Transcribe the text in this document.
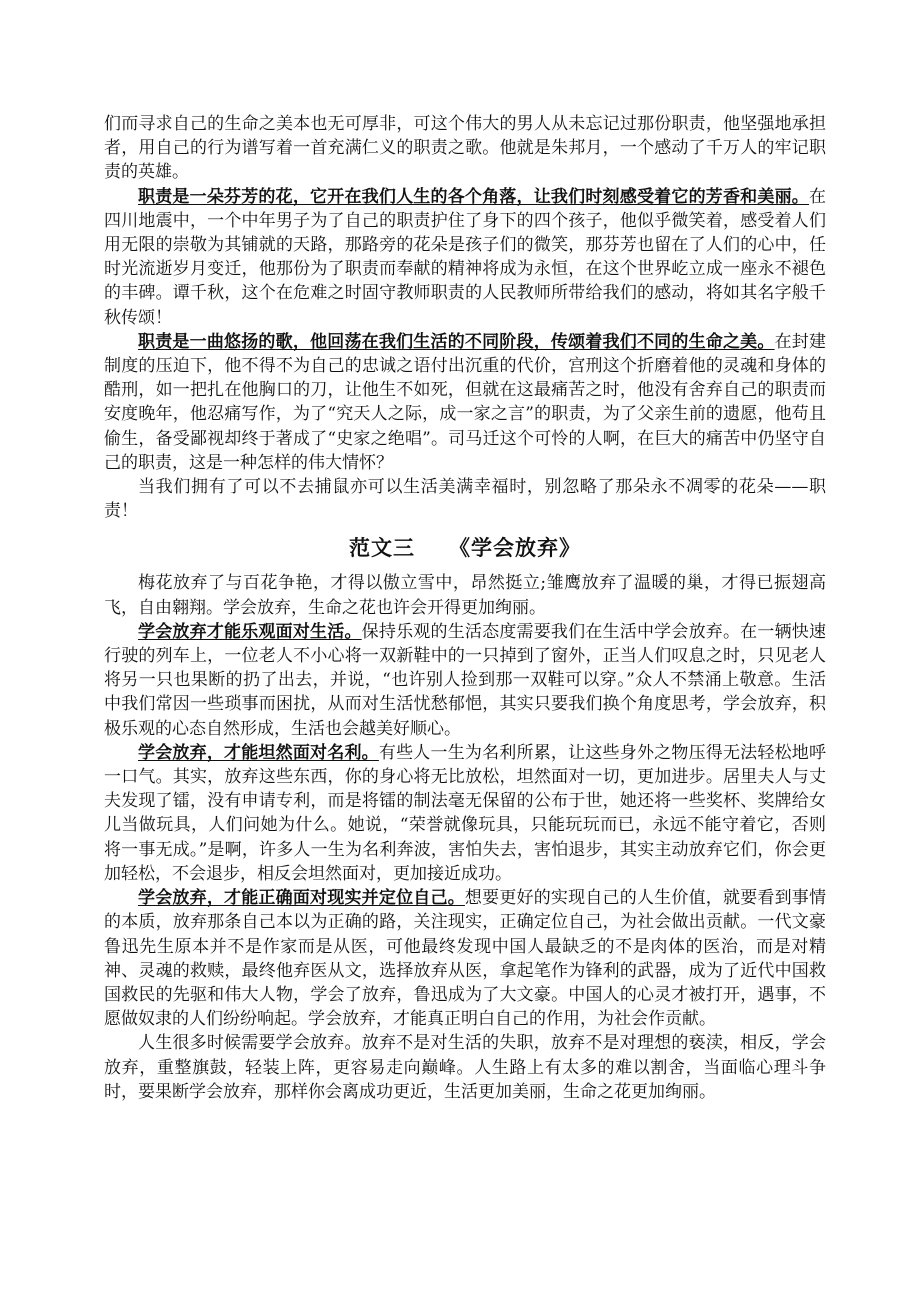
们而寻求自己的生命之美本也无可厚非，可这个伟大的男人从未忘记过那份职责，他坚强地承担者，用自己的行为谱写着一首充满仁义的职责之歌。他就是朱邦月，一个感动了千万人的牢记职责的英雄。

职责是一朵芬芳的花，它开在我们人生的各个角落，让我们时刻感受着它的芳香和美丽。在四川地震中，一个中年男子为了自己的职责护住了身下的四个孩子，他似乎微笑着，感受着人们用无限的崇敬为其铺就的天路，那路旁的花朵是孩子们的微笑，那芬芳也留在了人们的心中，任时光流逝岁月变迁，他那份为了职责而奉献的精神将成为永恒，在这个世界屹立成一座永不褪色的丰碑。谭千秋，这个在危难之时固守教师职责的人民教师所带给我们的感动，将如其名字般千秋传颂！

职责是一曲悠扬的歌，他回荡在我们生活的不同阶段，传颂着我们不同的生命之美。在封建制度的压迫下，他不得不为自己的忠诚之语付出沉重的代价，宫刑这个折磨着他的灵魂和身体的酷刑，如一把扎在他胸口的刀，让他生不如死，但就在这最痛苦之时，他没有舍弃自己的职责而安度晚年，他忍痛写作，为了“究天人之际，成一家之言”的职责，为了父亲生前的遗愿，他苟且偷生，备受鄙视却终于著成了“史家之绝唱”。司马迁这个可怜的人啊，在巨大的痛苦中仍坚守自己的职责，这是一种怎样的伟大情怀？

当我们拥有了可以不去捕鼠亦可以生活美满幸福时，别忽略了那朵永不凋零的花朵——职责！

范文三 《学会放弃》

梅花放弃了与百花争艳，才得以傲立雪中，昂然挺立;雏鹰放弃了温暖的巢，才得已振翅高飞，自由翱翔。学会放弃，生命之花也许会开得更加绚丽。

学会放弃才能乐观面对生活。保持乐观的生活态度需要我们在生活中学会放弃。在一辆快速行驶的列车上，一位老人不小心将一双新鞋中的一只掉到了窗外，正当人们叹息之时，只见老人将另一只也果断的扔了出去，并说，“也许别人捡到那一双鞋可以穿。”众人不禁涌上敬意。生活中我们常因一些琐事而困扰，从而对生活忧愁郁悒，其实只要我们换个角度思考，学会放弃，积极乐观的心态自然形成，生活也会越美好顺心。

学会放弃，才能坦然面对名利。有些人一生为名利所累，让这些身外之物压得无法轻松地呼一口气。其实，放弃这些东西，你的身心将无比放松，坦然面对一切，更加进步。居里夫人与丈夫发现了镭，没有申请专利，而是将镭的制法毫无保留的公布于世，她还将一些奖杯、奖牌给女儿当做玩具，人们问她为什么。她说，“荣誉就像玩具，只能玩玩而已，永远不能守着它，否则将一事无成。”是啊，许多人一生为名利奔波，害怕失去，害怕退步，其实主动放弃它们，你会更加轻松，不会退步，相反会坦然面对，更加接近成功。

学会放弃，才能正确面对现实并定位自己。想要更好的实现自己的人生价值，就要看到事情的本质，放弃那条自己本以为正确的路，关注现实，正确定位自己，为社会做出贡献。一代文豪鲁迅先生原本并不是作家而是从医，可他最终发现中国人最缺乏的不是肉体的医治，而是对精神、灵魂的救赎，最终他弃医从文，选择放弃从医，拿起笔作为锋利的武器，成为了近代中国救国救民的先驱和伟大人物，学会了放弃，鲁迅成为了大文豪。中国人的心灵才被打开，遇事，不愿做奴隶的人们纷纷响起。学会放弃，才能真正明白自己的作用，为社会作贡献。

人生很多时候需要学会放弃。放弃不是对生活的失职，放弃不是对理想的亵渎，相反，学会放弃，重整旗鼓，轻装上阵，更容易走向巅峰。人生路上有太多的难以割舍，当面临心理斗争时，要果断学会放弃，那样你会离成功更近，生活更加美丽，生命之花更加绚丽。
